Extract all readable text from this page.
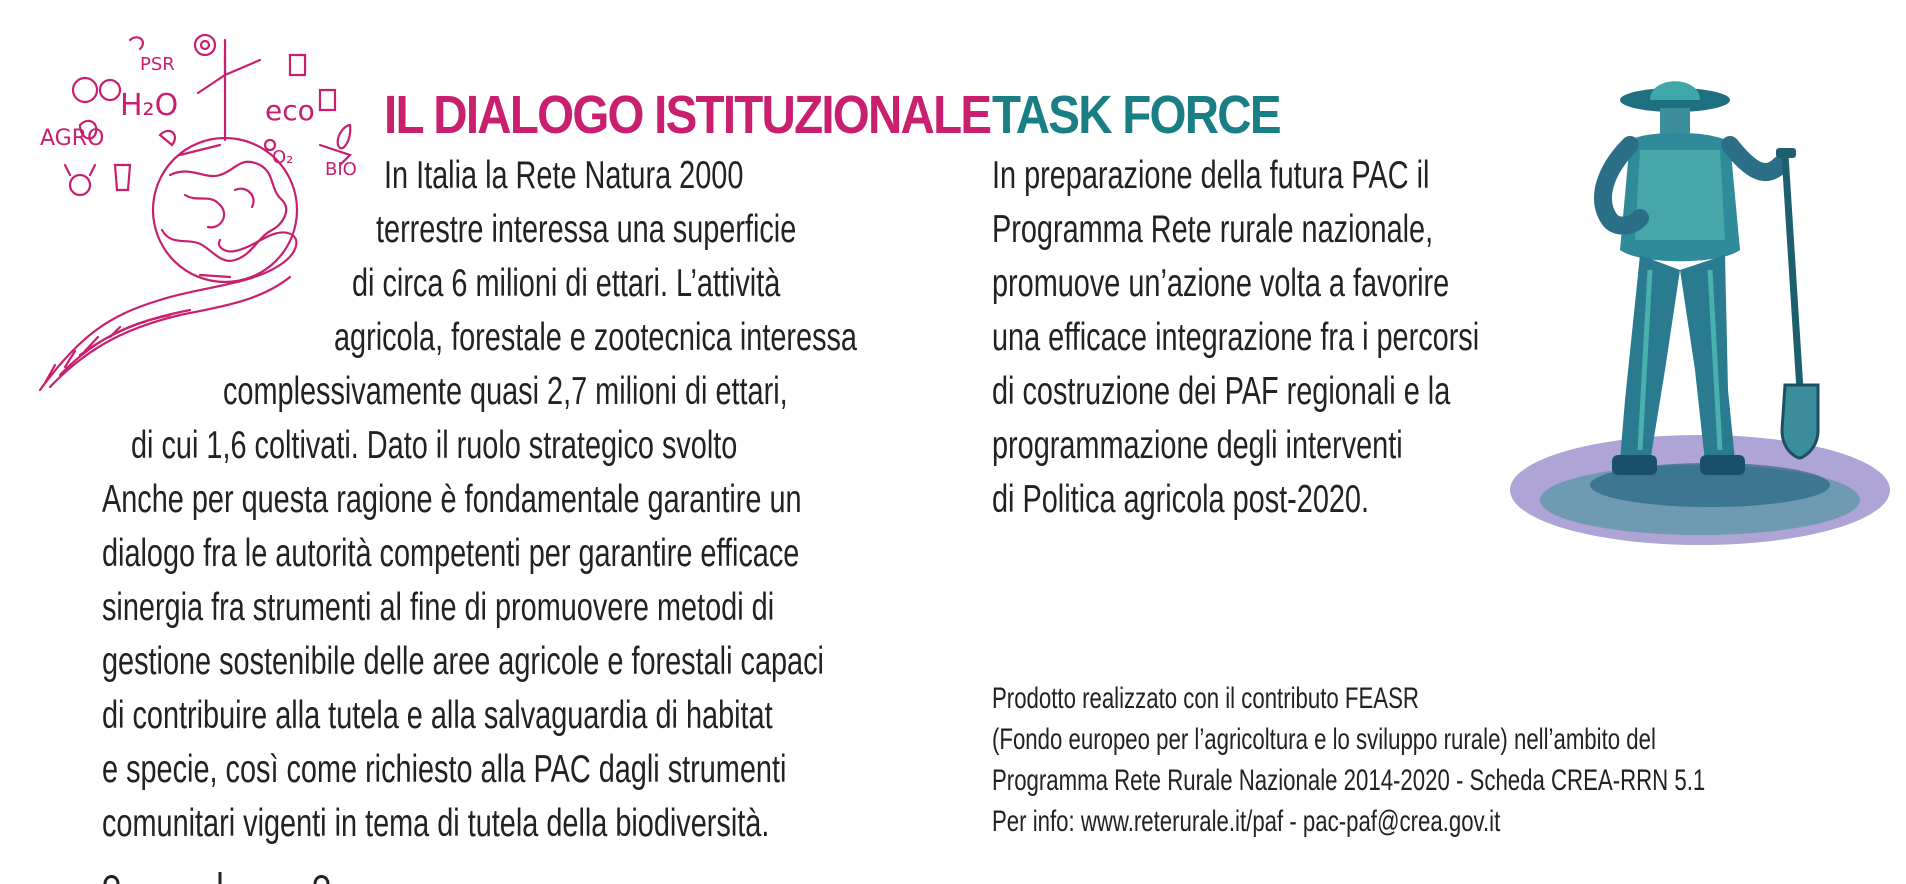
AGRO
H₂O
PSR
eco
O₂
BIO
IL DIALOGO ISTITUZIONALE TASK FORCE
In Italia la Rete Natura 2000
terrestre interessa una superficie
di circa 6 milioni di ettari. L’attività
agricola, forestale e zootecnica interessa
complessivamente quasi 2,7 milioni di ettari,
di cui 1,6 coltivati. Dato il ruolo strategico svolto
Anche per questa ragione è fondamentale garantire un
dialogo fra le autorità competenti per garantire efficace
sinergia fra strumenti al fine di promuovere metodi di
gestione sostenibile delle aree agricole e forestali capaci
di contribuire alla tutela e alla salvaguardia di habitat
e specie, così come richiesto alla PAC dagli strumenti
comunitari vigenti in tema di tutela della biodiversità.
In preparazione della futura PAC il
Programma Rete rurale nazionale,
promuove un’azione volta a favorire
una efficace integrazione fra i percorsi
di costruzione dei PAF regionali e la
programmazione degli interventi
di Politica agricola post-2020.
Prodotto realizzato con il contributo FEASR
(Fondo europeo per l’agricoltura e lo sviluppo rurale) nell’ambito del
Programma Rete Rurale Nazionale 2014-2020 - Scheda CREA-RRN 5.1
Per info: www.reterurale.it/paf - pac-paf@crea.gov.it
